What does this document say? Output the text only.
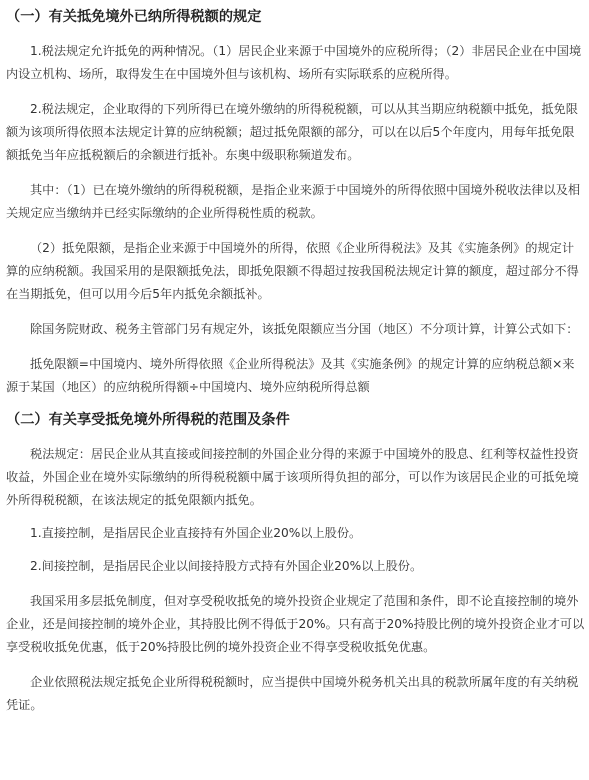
（一）有关抵免境外已纳所得税额的规定

1.税法规定允许抵免的两种情况。（1）居民企业来源于中国境外的应税所得；（2）非居民企业在中国境内设立机构、场所，取得发生在中国境外但与该机构、场所有实际联系的应税所得。

2.税法规定，企业取得的下列所得已在境外缴纳的所得税税额，可以从其当期应纳税额中抵免，抵免限额为该项所得依照本法规定计算的应纳税额；超过抵免限额的部分，可以在以后5个年度内，用每年抵免限额抵免当年应抵税额后的余额进行抵补。东奥中级职称频道发布。

其中：（1）已在境外缴纳的所得税税额，是指企业来源于中国境外的所得依照中国境外税收法律以及相关规定应当缴纳并已经实际缴纳的企业所得税性质的税款。

（2）抵免限额，是指企业来源于中国境外的所得，依照《企业所得税法》及其《实施条例》的规定计算的应纳税额。我国采用的是限额抵免法，即抵免限额不得超过按我国税法规定计算的额度，超过部分不得在当期抵免，但可以用今后5年内抵免余额抵补。

除国务院财政、税务主管部门另有规定外，该抵免限额应当分国（地区）不分项计算，计算公式如下：

抵免限额=中国境内、境外所得依照《企业所得税法》及其《实施条例》的规定计算的应纳税总额×来源于某国（地区）的应纳税所得额÷中国境内、境外应纳税所得总额

（二）有关享受抵免境外所得税的范围及条件

税法规定：居民企业从其直接或间接控制的外国企业分得的来源于中国境外的股息、红利等权益性投资收益，外国企业在境外实际缴纳的所得税税额中属于该项所得负担的部分，可以作为该居民企业的可抵免境外所得税税额，在该法规定的抵免限额内抵免。

1.直接控制，是指居民企业直接持有外国企业20%以上股份。

2.间接控制，是指居民企业以间接持股方式持有外国企业20%以上股份。

我国采用多层抵免制度，但对享受税收抵免的境外投资企业规定了范围和条件，即不论直接控制的境外企业，还是间接控制的境外企业，其持股比例不得低于20%。只有高于20%持股比例的境外投资企业才可以享受税收抵免优惠，低于20%持股比例的境外投资企业不得享受税收抵免优惠。

企业依照税法规定抵免企业所得税税额时，应当提供中国境外税务机关出具的税款所属年度的有关纳税凭证。
